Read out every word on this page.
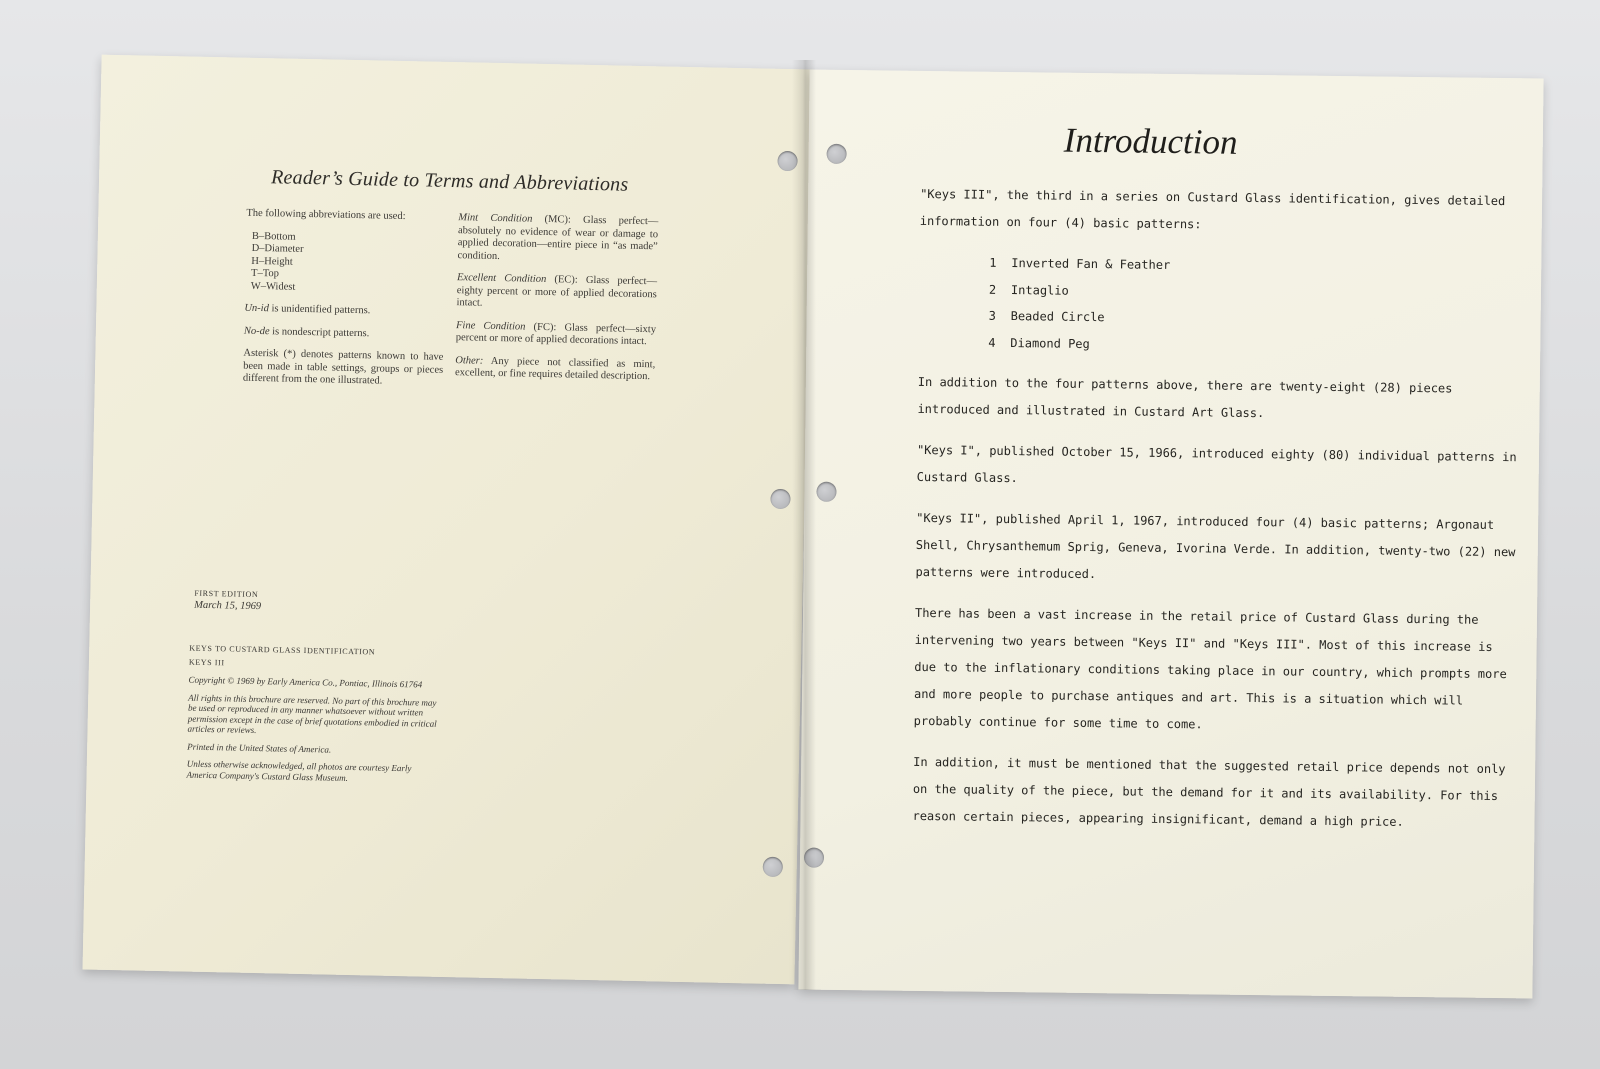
Reader’s Guide to Terms and Abbreviations

The following abbreviations are used:

B–Bottom
D–Diameter
H–Height
T–Top
W–Widest

Un-id is unidentified patterns.

No-de is nondescript patterns.

Asterisk (*) denotes patterns known to have been made in table settings, groups or pieces different from the one illustrated.

Mint Condition (MC): Glass perfect—absolutely no evidence of wear or damage to applied decoration—entire piece in “as made” condition.

Excellent Condition (EC): Glass perfect—eighty percent or more of applied decorations intact.

Fine Condition (FC): Glass perfect—sixty percent or more of applied decorations intact.

Other: Any piece not classified as mint, excellent, or fine requires detailed description.

FIRST EDITION
March 15, 1969

KEYS TO CUSTARD GLASS IDENTIFICATION

KEYS III

Copyright © 1969 by Early America Co., Pontiac, Illinois 61764

All rights in this brochure are reserved. No part of this brochure may be used or reproduced in any manner whatsoever without written permission except in the case of brief quotations embodied in critical articles or reviews.

Printed in the United States of America.

Unless otherwise acknowledged, all photos are courtesy Early America Company's Custard Glass Museum.

Introduction

"Keys III", the third in a series on Custard Glass identification, gives detailed information on four (4) basic patterns:

1 Inverted Fan & Feather
2 Intaglio
3 Beaded Circle
4 Diamond Peg

In addition to the four patterns above, there are twenty-eight (28) pieces introduced and illustrated in Custard Art Glass.

"Keys I", published October 15, 1966, introduced eighty (80) individual patterns in Custard Glass.

"Keys II", published April 1, 1967, introduced four (4) basic patterns; Argonaut Shell, Chrysanthemum Sprig, Geneva, Ivorina Verde. In addition, twenty-two (22) new patterns were introduced.

There has been a vast increase in the retail price of Custard Glass during the intervening two years between "Keys II" and "Keys III". Most of this increase is due to the inflationary conditions taking place in our country, which prompts more and more people to purchase antiques and art. This is a situation which will probably continue for some time to come.

In addition, it must be mentioned that the suggested retail price depends not only on the quality of the piece, but the demand for it and its availability. For this reason certain pieces, appearing insignificant, demand a high price.
